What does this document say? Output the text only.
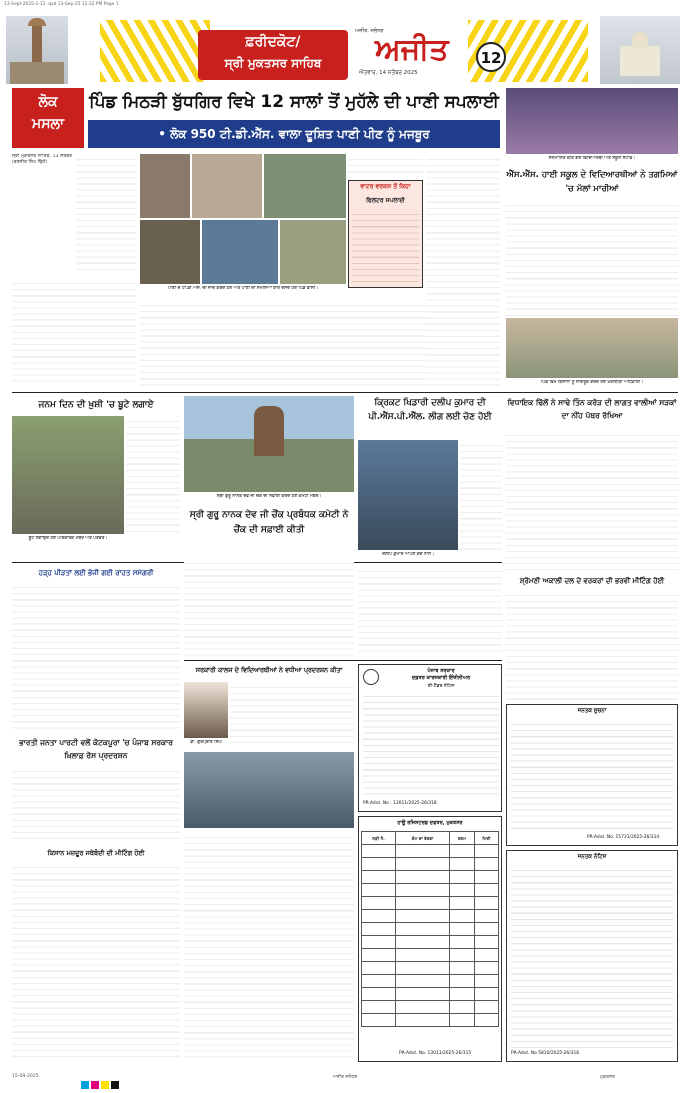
13-Sept-2025-2-12 .qxd 13-Sep-25 11:32 PM Page 1
ਫ਼ਰੀਦਕੋਟ/
ਸ੍ਰੀ ਮੁਕਤਸਰ ਸਾਹਿਬ
ਅਜੀਤ, ਜਲੰਧਰ
ਅਜੀਤ
ਐਤਵਾਰ, 14 ਸਤੰਬਰ 2025
12
ਲੋਕ
ਮਸਲਾ
ਪਿੰਡ ਮਿਠੜੀ ਬੁੱਧਗਿਰ ਵਿਖੇ 12 ਸਾਲਾਂ ਤੋਂ ਮੁਹੱਲੇ ਦੀ ਪਾਣੀ ਸਪਲਾਈ
• ਲੋਕ 950 ਟੀ.ਡੀ.ਐੱਸ. ਵਾਲਾ ਦੂਸ਼ਿਤ ਪਾਣੀ ਪੀਣ ਨੂੰ ਮਜਬੂਰ

ਸ੍ਰੀ ਮੁਕਤਸਰ ਸਾਹਿਬ, 13 ਸਤੰਬਰ (ਰਣਜੀਤ ਸਿੰਘ ਢਿੱਲੋਂ)

ਪਾਣੀ ਦੇ ਟੀ.ਡੀ.ਐੱਸ. ਦੀ ਜਾਂਚ ਕਰਦੇ ਹੋਏ ਅਤੇ ਪਾਣੀ ਦੀ ਸਮੱਸਿਆ ਬਾਰੇ ਦੱਸਦੇ ਹੋਏ ਪਿੰਡ ਵਾਸੀ।
ਵਾਟਰ ਵਰਕਸ ਤੋਂ ਕਿਹਾ
ਫਿਲਟਰ ਸਪਲਾਈ
ਸਨਮਾਨਿਤ ਕੀਤੇ ਗਏ ਵਿਦਿਆਰਥੀ ਅਤੇ ਸਕੂਲ ਸਟਾਫ਼।
ਐੱਸ.ਐੱਸ. ਹਾਈ ਸਕੂਲ ਦੇ ਵਿਦਿਆਰਥੀਆਂ ਨੇ ਤਗਮਿਆਂ 'ਚ ਮੱਲਾਂ ਮਾਰੀਆਂ
ਪਿੰਡ ਵਿਖੇ ਕਿਸਾਨਾਂ ਨੂੰ ਜਾਗਰੂਕ ਕਰਦੇ ਹੋਏ ਖੇਤੀਬਾੜੀ ਅਧਿਕਾਰੀ।
ਜਨਮ ਦਿਨ ਦੀ ਖ਼ੁਸ਼ੀ 'ਚ ਬੂਟੇ ਲਗਾਏ
ਬੂਟੇ ਲਗਾਉਂਦੇ ਹੋਏ ਪਰਿਵਾਰਕ ਮੈਂਬਰ ਅਤੇ ਪਤਵੰਤੇ।
ਸ੍ਰੀ ਗੁਰੂ ਨਾਨਕ ਦੇਵ ਜੀ ਚੌਂਕ ਦੀ ਸਫ਼ਾਈ ਕਰਦੇ ਹੋਏ ਕਮੇਟੀ ਮੈਂਬਰ।
ਸ੍ਰੀ ਗੁਰੂ ਨਾਨਕ ਦੇਵ ਜੀ ਚੌਂਕ ਪ੍ਰਬੰਧਕ ਕਮੇਟੀ ਨੇ ਚੌਂਕ ਦੀ ਸਫ਼ਾਈ ਕੀਤੀ
ਕ੍ਰਿਕਟ ਖਿਡਾਰੀ ਦਲੀਪ ਕੁਮਾਰ ਦੀ ਪੀ.ਐੱਸ.ਪੀ.ਐੱਲ. ਲੀਗ ਲਈ ਚੋਣ ਹੋਈ
ਦਲੀਪ ਕੁਮਾਰ ਆਪਣੇ ਕੋਚ ਨਾਲ।
ਵਿਧਾਇਕ ਢਿੱਲੋਂ ਨੇ ਸਾਢੇ ਤਿੰਨ ਕਰੋੜ ਦੀ ਲਾਗਤ ਵਾਲੀਆਂ ਸੜਕਾਂ ਦਾ ਨੀਂਹ ਪੱਥਰ ਰੱਖਿਆ
ਸ਼੍ਰੋਮਣੀ ਅਕਾਲੀ ਦਲ ਦੇ ਵਰਕਰਾਂ ਦੀ ਭਰਵੀਂ ਮੀਟਿੰਗ ਹੋਈ
ਹੜ੍ਹ ਪੀੜਤਾਂ ਲਈ ਭੇਜੀ ਗਈ ਰਾਹਤ ਸਮੱਗਰੀ
ਭਾਰਤੀ ਜਨਤਾ ਪਾਰਟੀ ਵਲੋਂ ਕੋਟਕਪੂਰਾ 'ਚ ਪੰਜਾਬ ਸਰਕਾਰ ਖ਼ਿਲਾਫ਼ ਰੋਸ ਪ੍ਰਦਰਸ਼ਨ
ਕਿਸਾਨ ਮਜ਼ਦੂਰ ਜਥੇਬੰਦੀ ਦੀ ਮੀਟਿੰਗ ਹੋਈ
ਸਰਕਾਰੀ ਕਾਲਜ ਦੇ ਵਿਦਿਆਰਥੀਆਂ ਨੇ ਵਧੀਆ ਪ੍ਰਦਰਸ਼ਨ ਕੀਤਾ
ਡਾ. ਗੁਰਪ੍ਰੀਤ ਸਿੰਘ
ਪੰਜਾਬ ਸਰਕਾਰ
ਦਫ਼ਤਰ ਕਾਰਜਕਾਰੀ ਇੰਜੀਨੀਅਰ
ਈ-ਟੈਂਡਰ ਨੋਟਿਸ
PR-Advt. No : 13011/2025-26/318
ਹਾਊ ਰਜਿਸਟਰਡ ਦਫਤਰ, ਮੁਕਤਸਰ
ਲੜੀ ਨੰ.	ਕੰਮ ਦਾ ਵੇਰਵਾ	ਰਕਮ	ਮਿਤੀ

PR-Advt. No. 13013/2025-26/315
ਜਨਤਕ ਸੂਚਨਾ
PR-Advt. No. 15731/2025-26/314
ਜਨਤਕ ਨੋਟਿਸ
PR-Advt. No 5810/2025-26/318
15-09-2025	ਅਜੀਤ ਜਲੰਧਰ	ਮੁਕਤਸਰ
